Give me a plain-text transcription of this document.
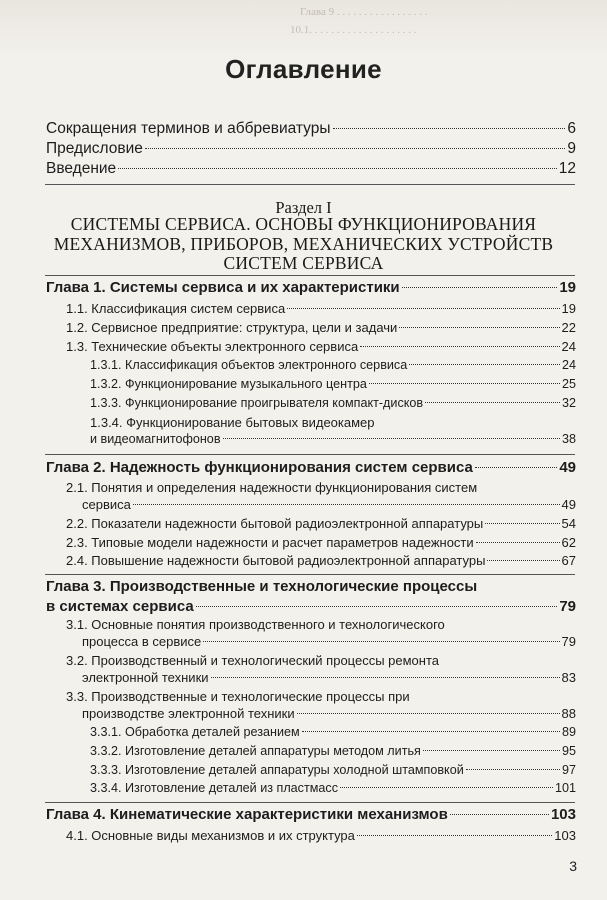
Глава 9 . . . . . . . . . . . . . . . . .
10.1. . . . . . . . . . . . . . . . . . . .
Оглавление
Сокращения терминов и аббревиатуры	6
Предисловие	9
Введение	12
Раздел I
СИСТЕМЫ СЕРВИСА. ОСНОВЫ ФУНКЦИОНИРОВАНИЯ
МЕХАНИЗМОВ, ПРИБОРОВ, МЕХАНИЧЕСКИХ УСТРОЙСТВ
СИСТЕМ СЕРВИСА
Глава 1. Системы сервиса и их характеристики	19
1.1. Классификация систем сервиса	19
1.2. Сервисное предприятие: структура, цели и задачи	22
1.3. Технические объекты электронного сервиса	24
1.3.1. Классификация объектов электронного сервиса	24
1.3.2. Функционирование музыкального центра	25
1.3.3. Функционирование проигрывателя компакт-дисков	32
1.3.4. Функционирование бытовых видеокамер
и видеомагнитофонов	38
Глава 2. Надежность функционирования систем сервиса	49
2.1. Понятия и определения надежности функционирования систем
сервиса	49
2.2. Показатели надежности бытовой радиоэлектронной аппаратуры	54
2.3. Типовые модели надежности и расчет параметров надежности	62
2.4. Повышение надежности бытовой радиоэлектронной аппаратуры	67
Глава 3. Производственные и технологические процессы
в системах сервиса	79
3.1. Основные понятия производственного и технологического
процесса в сервисе	79
3.2. Производственный и технологический процессы ремонта
электронной техники	83
3.3. Производственные и технологические процессы при
производстве электронной техники	88
3.3.1. Обработка деталей резанием	89
3.3.2. Изготовление деталей аппаратуры методом литья	95
3.3.3. Изготовление деталей аппаратуры холодной штамповкой	97
3.3.4. Изготовление деталей из пластмасс	101
Глава 4. Кинематические характеристики механизмов	103
4.1. Основные виды механизмов и их структура	103
3
